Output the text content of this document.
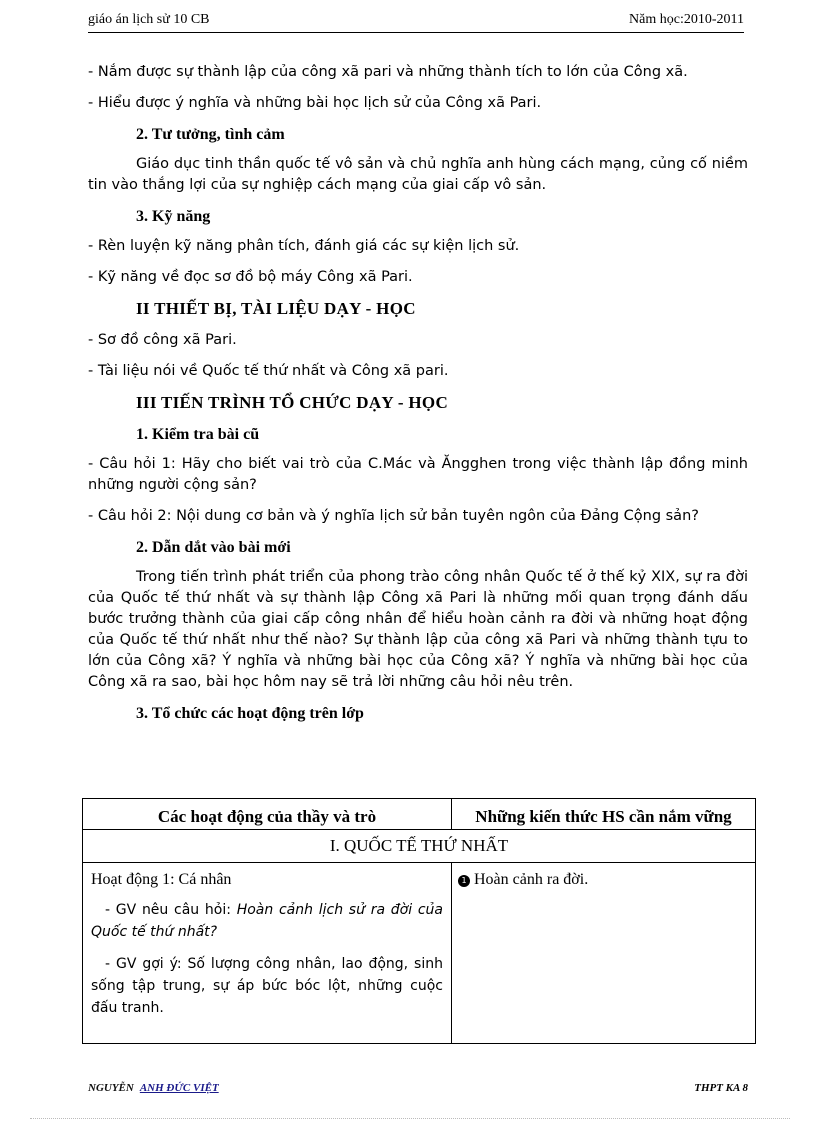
giáo án lịch sử 10 CB	Năm học:2010-2011

- Nắm được sự thành lập của công xã pari và những thành tích to lớn của Công xã.

- Hiểu được ý nghĩa và những bài học lịch sử của Công xã Pari.

2. Tư tưởng, tình cảm

Giáo dục tinh thần quốc tế vô sản và chủ nghĩa anh hùng cách mạng, củng cố niềm tin vào thắng lợi của sự nghiệp cách mạng của giai cấp vô sản.

3. Kỹ năng

- Rèn luyện kỹ năng phân tích, đánh giá các sự kiện lịch sử.

- Kỹ năng về đọc sơ đồ bộ máy Công xã Pari.

II THIẾT BỊ, TÀI LIỆU DẠY - HỌC

- Sơ đồ công xã Pari.

- Tài liệu nói về Quốc tế thứ nhất và Công xã pari.

III TIẾN TRÌNH TỔ CHỨC DẠY - HỌC

1. Kiểm tra bài cũ

- Câu hỏi 1: Hãy cho biết vai trò của C.Mác và Ăngghen trong việc thành lập đồng minh những người cộng sản?

- Câu hỏi 2: Nội dung cơ bản và ý nghĩa lịch sử bản tuyên ngôn của Đảng Cộng sản?

2. Dẫn dắt vào bài mới

Trong tiến trình phát triển của phong trào công nhân Quốc tế ở thế kỷ XIX, sự ra đời của Quốc tế thứ nhất và sự thành lập Công xã Pari là những mối quan trọng đánh dấu bước trưởng thành của giai cấp công nhân để hiểu hoàn cảnh ra đời và những hoạt động của Quốc tế thứ nhất như thế nào? Sự thành lập của công xã Pari và những thành tựu to lớn của Công xã? Ý nghĩa và những bài học của Công xã? Ý nghĩa và những bài học của Công xã ra sao, bài học hôm nay sẽ trả lời những câu hỏi nêu trên.

3. Tổ chức các hoạt động trên lớp

Các hoạt động của thầy và trò	Những kiến thức HS cần nắm vững
I. QUỐC TẾ THỨ NHẤT	

Hoạt động 1: Cá nhân

- GV nêu câu hỏi: Hoàn cảnh lịch sử ra đời của Quốc tế thứ nhất?

- GV gợi ý: Số lượng công nhân, lao động, sinh sống tập trung, sự áp bức bóc lột, những cuộc đấu tranh.	1 Hoàn cảnh ra đời.

NGUYỄN ANH ĐỨC VIỆT	THPT KA 8
